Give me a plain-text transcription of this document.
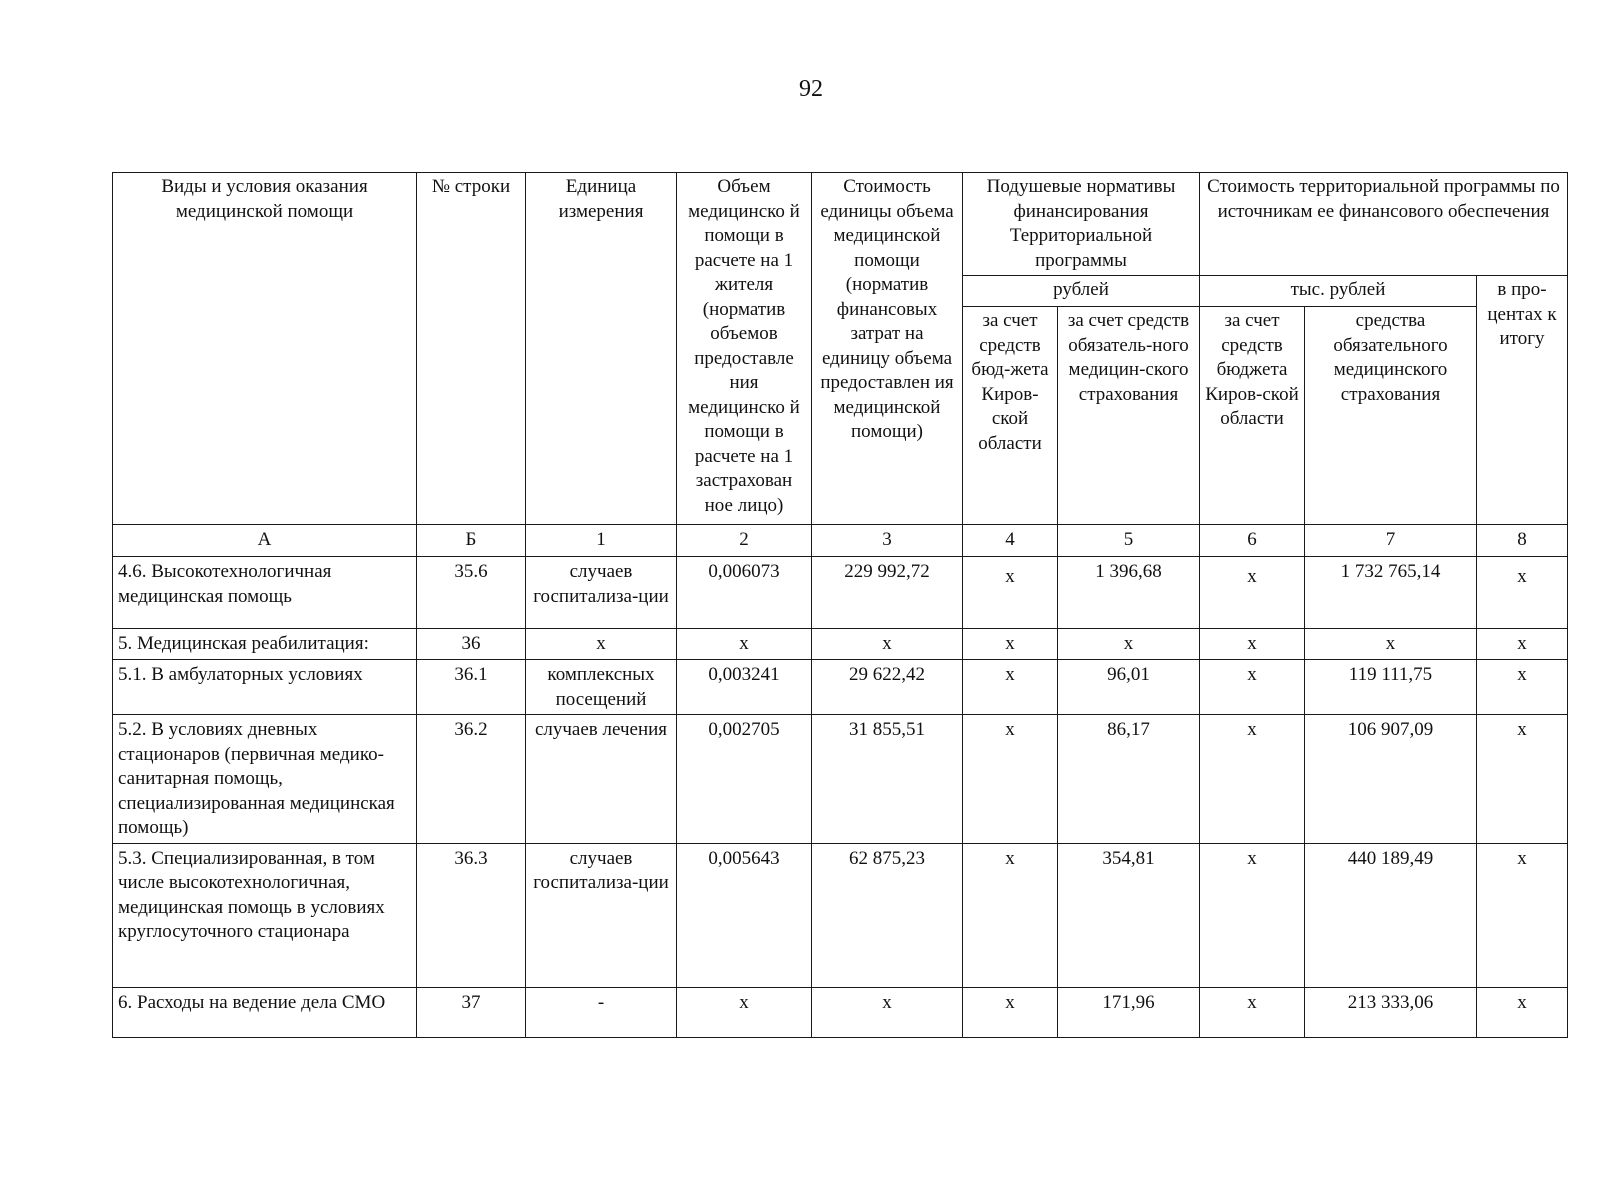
92
Виды и условия оказания медицинской помощи	№ строки	Единица измерения	Объем медицинско й помощи в расчете на 1 жителя (норматив объемов предоставле ния медицинско й помощи в расчете на 1 застрахован ное лицо)	Стоимость единицы объема медицинской помощи (норматив финансовых затрат на единицу объема предоставлен ия медицинской помощи)	Подушевые нормативы финансирования Территориальной программы		Стоимость территориальной программы по источникам ее финансового обеспечения		
					рублей		тыс. рублей		в про-центах к итогу
					за счет средств бюд-жета Киров-ской области	за счет средств обязатель-ного медицин-ского страхования	за счет средств бюджета Киров-ской области	средства обязательного медицинского страхования	
А	Б	1	2	3	4	5	6	7	8
4.6. Высокотехнологичная медицинская помощь	35.6	случаев госпитализа-ции	0,006073	229 992,72	х	1 396,68	х	1 732 765,14	х
5. Медицинская реабилитация:	36	х	х	х	х	х	х	х	х
5.1. В амбулаторных условиях	36.1	комплексных посещений	0,003241	29 622,42	х	96,01	х	119 111,75	х
5.2. В условиях дневных стационаров (первичная медико-санитарная помощь, специализированная медицинская помощь)	36.2	случаев лечения	0,002705	31 855,51	х	86,17	х	106 907,09	х
5.3. Специализированная, в том числе высокотехнологичная, медицинская помощь в условиях круглосуточного стационара	36.3	случаев госпитализа-ции	0,005643	62 875,23	х	354,81	х	440 189,49	х
6. Расходы на ведение дела СМО	37	-	х	х	х	171,96	х	213 333,06	х
